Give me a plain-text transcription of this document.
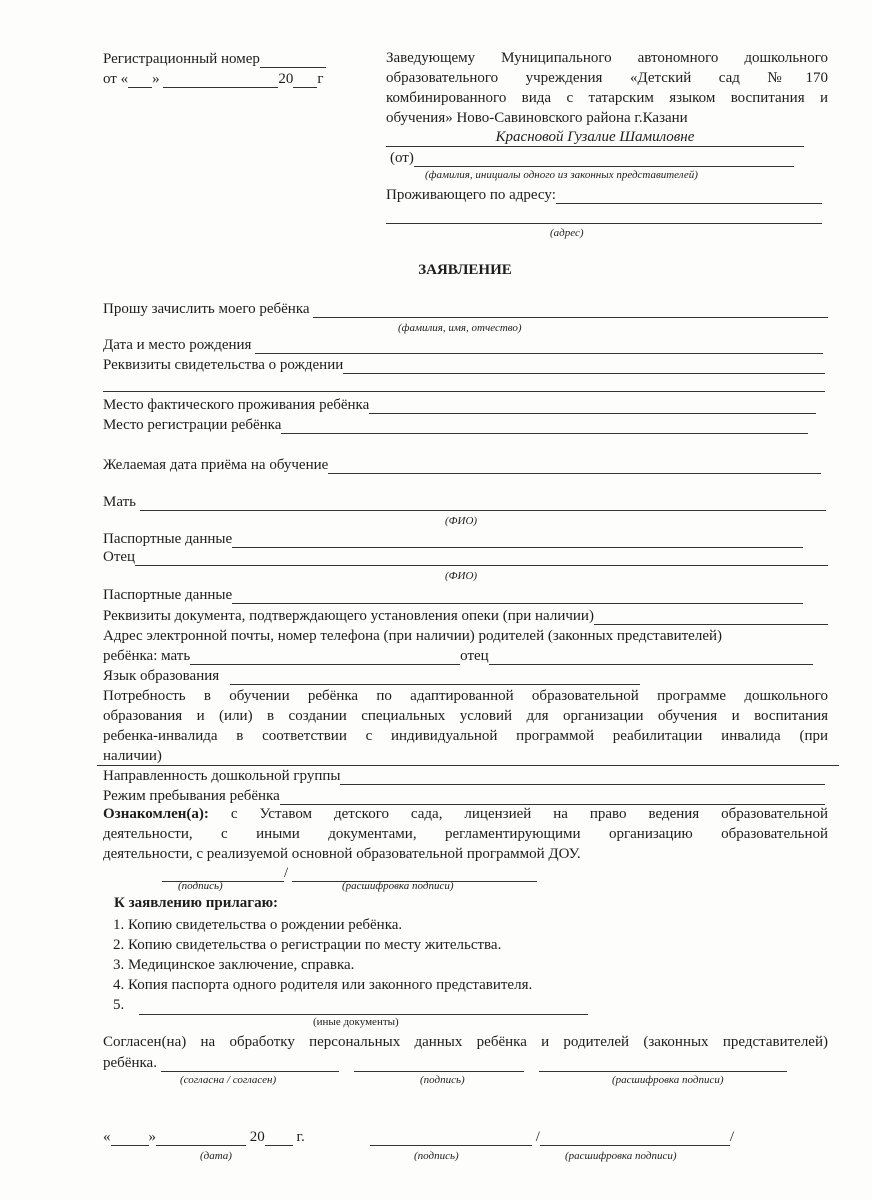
Регистрационный номер
от « »
	20 г
Заведующему Муниципального автономного дошкольного
образовательного учреждения «Детский сад №170
комбинированного вида с татарским языком воспитания и
обучения» Ново-Савиновского района г.Казани
Красновой Гузалие Шамиловне
(от)
(фамилия, инициалы одного из законных представителей)
Проживающего по адресу:
(адрес)
ЗАЯВЛЕНИЕ
Прошу зачислить моего ребёнка

(фамилия, имя, отчество)
Дата и место рождения

Реквизиты свидетельства о рождении
Место фактического проживания ребёнка
Место регистрации ребёнка
Желаемая дата приёма на обучение
Мать

(ФИО)
Паспортные данные
Отец
(ФИО)
Паспортные данные
Реквизиты документа, подтверждающего установления опеки (при наличии)
Адрес электронной почты, номер телефона (при наличии) родителей (законных представителей)
ребёнка: мать	отец
Язык образования

Потребность в обучении ребёнка по адаптированной образовательной программе дошкольного
образования и (или) в создании специальных условий для организации обучения и воспитания
ребенка-инвалида в соответствии с индивидуальной программой реабилитации инвалида (при
наличии)
Направленность дошкольной группы
Режим пребывания ребёнка
Ознакомлен(а): с Уставом детского сада, лицензией на право ведения образовательной
деятельности, с иными документами, регламентирующими организацию образовательной
деятельности, с реализуемой основной образовательной программой ДОУ.
/

(подпись)	(расшифровка подписи)
К заявлению прилагаю:
1. Копию свидетельства о рождении ребёнка.
2. Копию свидетельства о регистрации по месту жительства.
3. Медицинское заключение, справка.
4. Копия паспорта одного родителя или законного представителя.
5.

(иные документы)
Согласен(на) на обработку персональных данных ребёнка и родителей (законных представителей)
ребёнка.

(согласна / согласен)	(подпись)	(расшифровка подписи)
«	»
	20
г.
	/	/
(дата)	(подпись)	(расшифровка подписи)
